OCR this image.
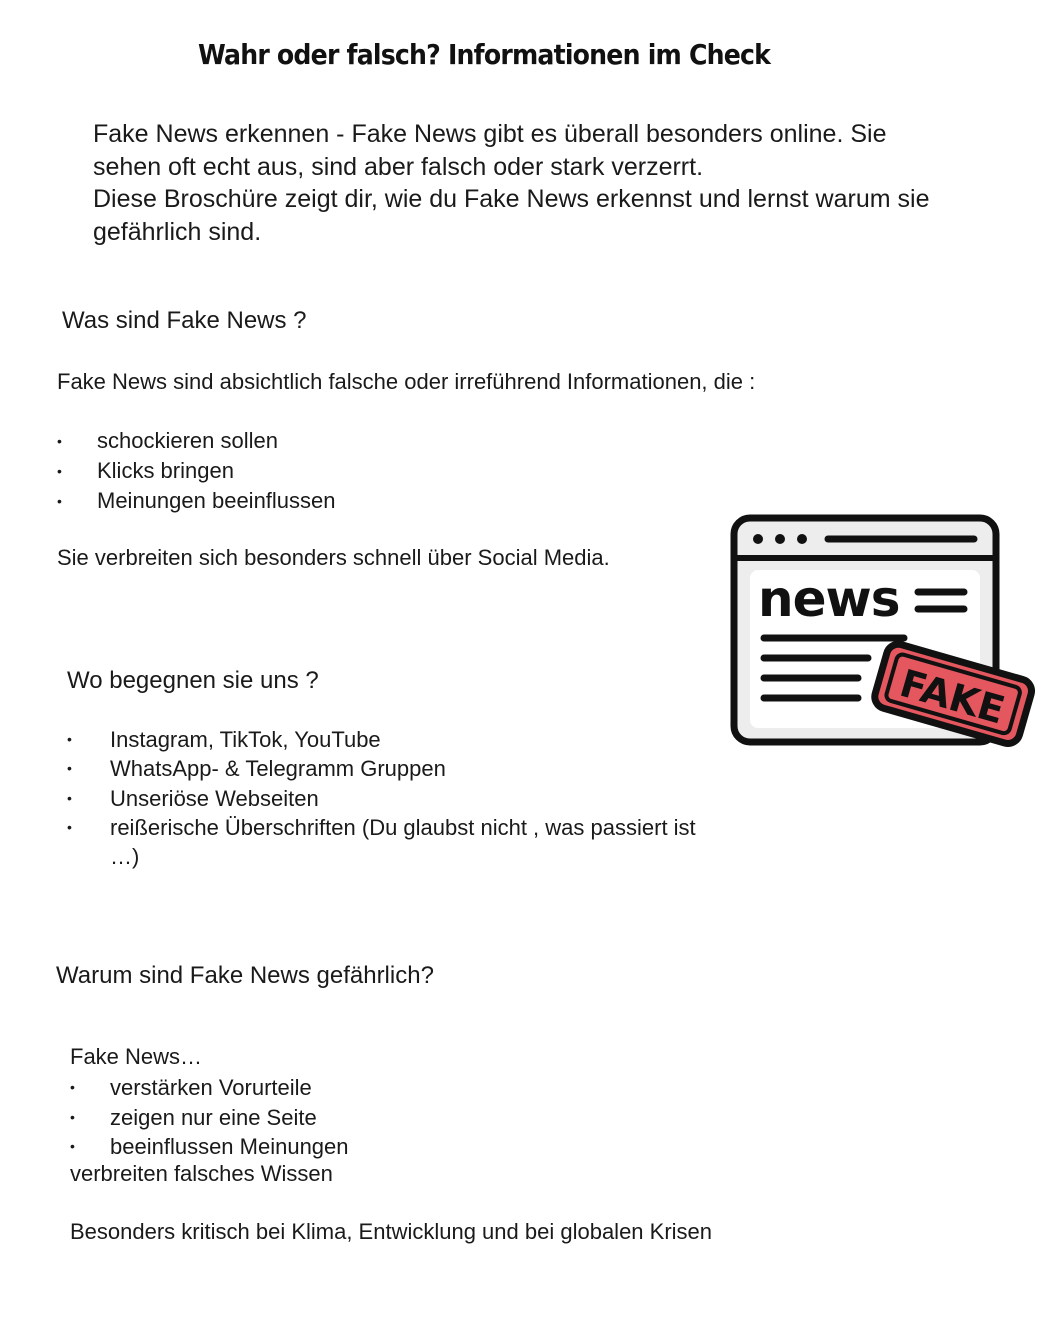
Wahr oder falsch? Informationen im Check
Fake News erkennen - Fake News gibt es überall besonders online. Sie
sehen oft echt aus, sind aber falsch oder stark verzerrt.
Diese Broschüre zeigt dir, wie du Fake News erkennst und lernst warum sie
gefährlich sind.
Was sind Fake News ?
Fake News sind absichtlich falsche oder irreführend Informationen, die :
• schockieren sollen
• Klicks bringen
• Meinungen beeinflussen
Sie verbreiten sich besonders schnell über Social Media.
Wo begegnen sie uns ?
• Instagram, TikTok, YouTube
• WhatsApp- & Telegramm Gruppen
• Unseriöse Webseiten
• reißerische Überschriften (Du glaubst nicht , was passiert ist
…)
Warum sind Fake News gefährlich?
Fake News…
• verstärken Vorurteile
• zeigen nur eine Seite
• beeinflussen Meinungen
verbreiten falsches Wissen
Besonders kritisch bei Klima, Entwicklung und bei globalen Krisen
news
FAKE
